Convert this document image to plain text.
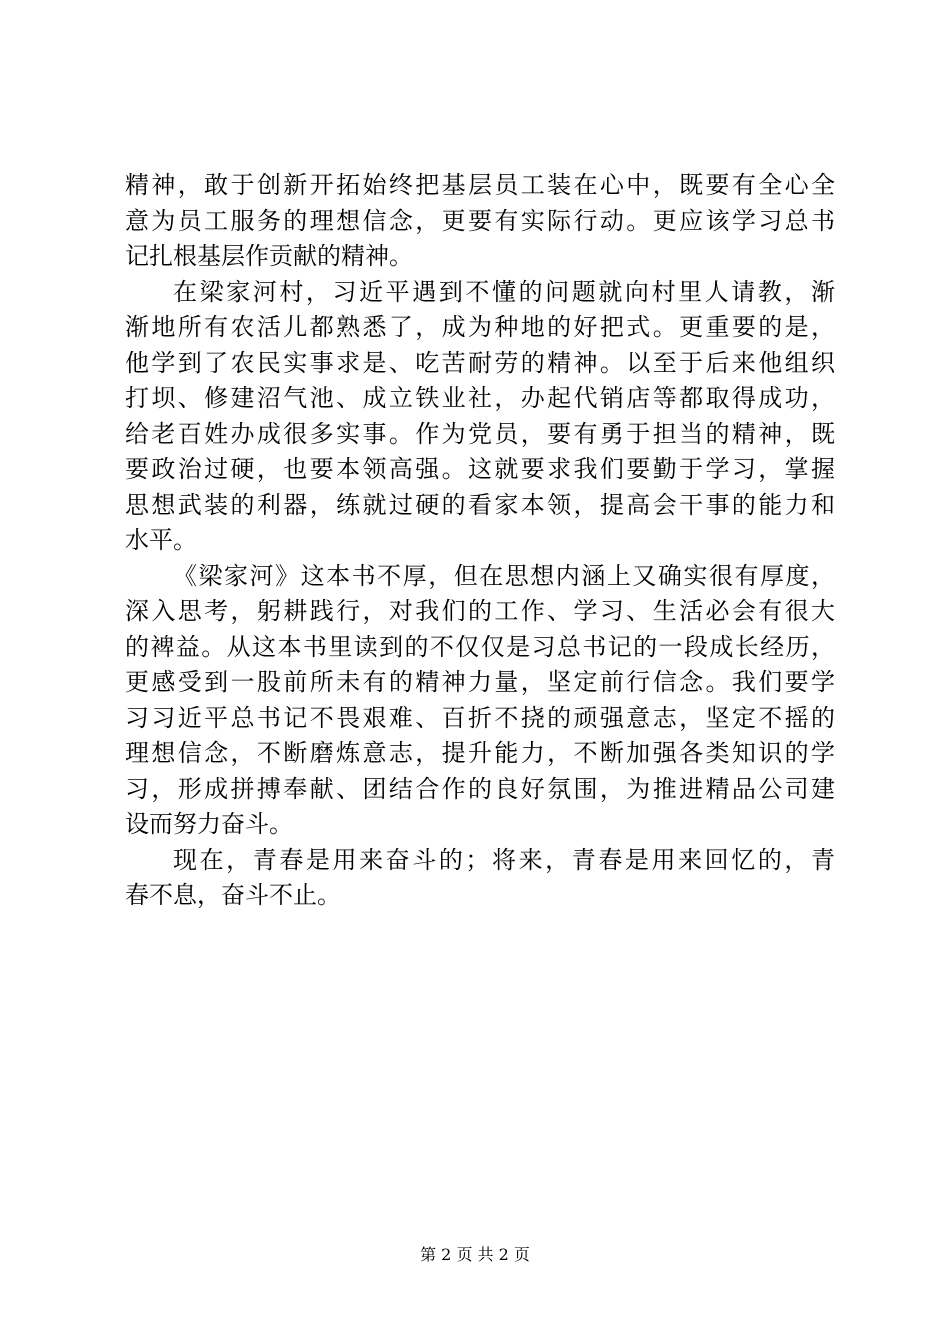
精神，敢于创新开拓始终把基层员工装在心中，既要有全心全
意为员工服务的理想信念，更要有实际行动。更应该学习总书
记扎根基层作贡献的精神。
在梁家河村，习近平遇到不懂的问题就向村里人请教，渐
渐地所有农活儿都熟悉了，成为种地的好把式。更重要的是，
他学到了农民实事求是、吃苦耐劳的精神。以至于后来他组织
打坝、修建沼气池、成立铁业社，办起代销店等都取得成功，
给老百姓办成很多实事。作为党员，要有勇于担当的精神，既
要政治过硬，也要本领高强。这就要求我们要勤于学习，掌握
思想武装的利器，练就过硬的看家本领，提高会干事的能力和
水平。
《梁家河》这本书不厚，但在思想内涵上又确实很有厚度，
深入思考，躬耕践行，对我们的工作、学习、生活必会有很大
的裨益。从这本书里读到的不仅仅是习总书记的一段成长经历，
更感受到一股前所未有的精神力量，坚定前行信念。我们要学
习习近平总书记不畏艰难、百折不挠的顽强意志，坚定不摇的
理想信念，不断磨炼意志，提升能力，不断加强各类知识的学
习，形成拼搏奉献、团结合作的良好氛围，为推进精品公司建
设而努力奋斗。
现在，青春是用来奋斗的；将来，青春是用来回忆的，青
春不息，奋斗不止。
第 2 页 共 2 页
